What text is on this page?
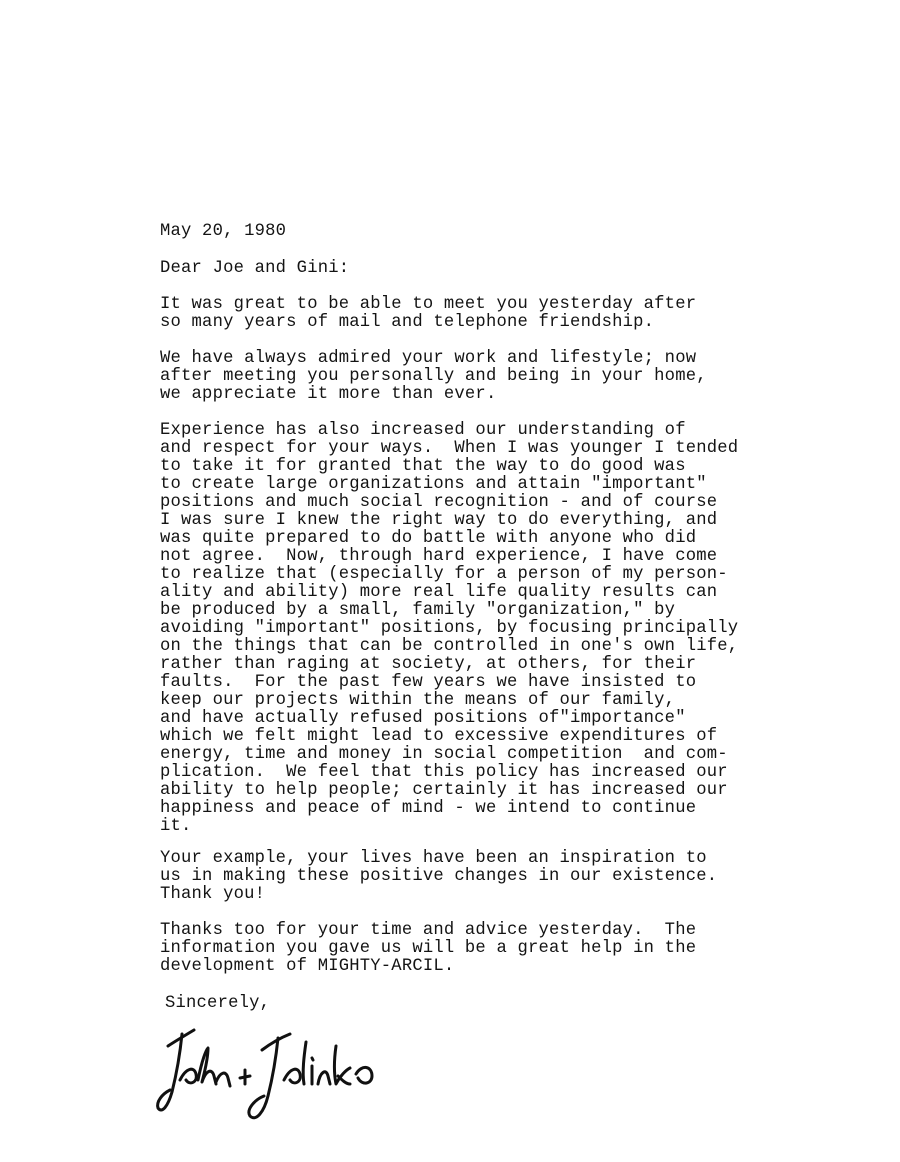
May 20, 1980
Dear Joe and Gini:
It was great to be able to meet you yesterday after
so many years of mail and telephone friendship.
We have always admired your work and lifestyle; now
after meeting you personally and being in your home,
we appreciate it more than ever.
Experience has also increased our understanding of
and respect for your ways.  When I was younger I tended
to take it for granted that the way to do good was
to create large organizations and attain "important"
positions and much social recognition - and of course
I was sure I knew the right way to do everything, and
was quite prepared to do battle with anyone who did
not agree.  Now, through hard experience, I have come
to realize that (especially for a person of my person-
ality and ability) more real life quality results can
be produced by a small, family "organization," by
avoiding "important" positions, by focusing principally
on the things that can be controlled in one's own life,
rather than raging at society, at others, for their
faults.  For the past few years we have insisted to
keep our projects within the means of our family,
and have actually refused positions of"importance"
which we felt might lead to excessive expenditures of
energy, time and money in social competition  and com-
plication.  We feel that this policy has increased our
ability to help people; certainly it has increased our
happiness and peace of mind - we intend to continue
it.
Your example, your lives have been an inspiration to
us in making these positive changes in our existence.
Thank you!
Thanks too for your time and advice yesterday.  The
information you gave us will be a great help in the
development of MIGHTY-ARCIL.
Sincerely,
